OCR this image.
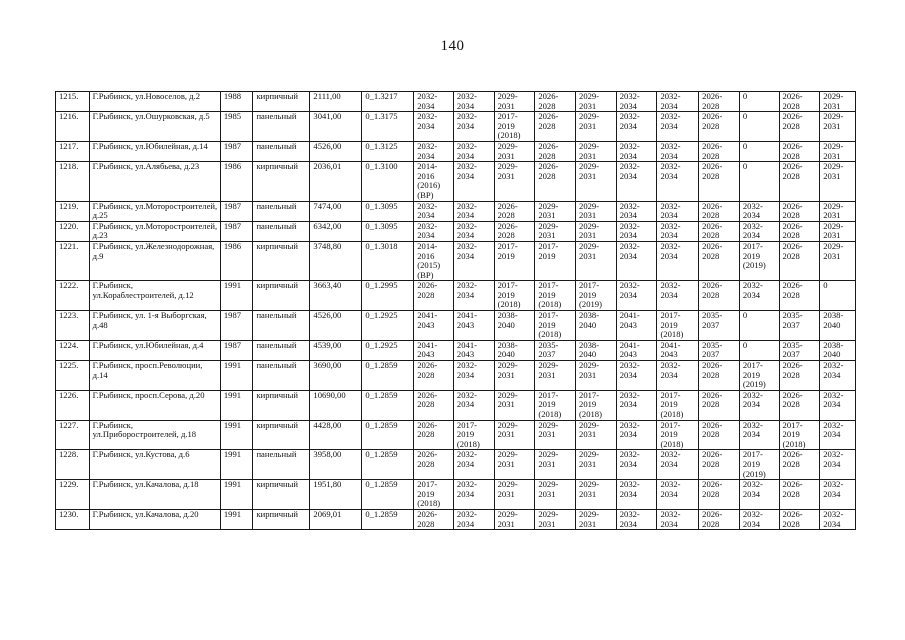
140
1215.	Г.Рыбинск, ул.Новоселов, д.2	1988	кирпичный	2111,00	0_1.3217	2032-
2034	2032-
2034	2029-
2031	2026-
2028	2029-
2031	2032-
2034	2032-
2034	2026-
2028	0	2026-
2028	2029-
2031

1216.	Г.Рыбинск, ул.Ошурковская, д.5	1985	панельный	3041,00	0_1.3175	2032-
2034	2032-
2034	2017-
2019
(2018)	2026-
2028	2029-
2031	2032-
2034	2032-
2034	2026-
2028	0	2026-
2028	2029-
2031

1217.	Г.Рыбинск, ул.Юбилейная, д.14	1987	панельный	4526,00	0_1.3125	2032-
2034	2032-
2034	2029-
2031	2026-
2028	2029-
2031	2032-
2034	2032-
2034	2026-
2028	0	2026-
2028	2029-
2031

1218.	Г.Рыбинск, ул.Алябьева, д.23	1986	кирпичный	2036,01	0_1.3100	2014-
2016
(2016)
(ВР)	2032-
2034	2029-
2031	2026-
2028	2029-
2031	2032-
2034	2032-
2034	2026-
2028	0	2026-
2028	2029-
2031

1219.	Г.Рыбинск, ул.Моторостроителей, д.25	1987	панельный	7474,00	0_1.3095	2032-
2034	2032-
2034	2026-
2028	2029-
2031	2029-
2031	2032-
2034	2032-
2034	2026-
2028	2032-
2034	2026-
2028	2029-
2031

1220.	Г.Рыбинск, ул.Моторостроителей, д.23	1987	панельный	6342,00	0_1.3095	2032-
2034	2032-
2034	2026-
2028	2029-
2031	2029-
2031	2032-
2034	2032-
2034	2026-
2028	2032-
2034	2026-
2028	2029-
2031

1221.	Г.Рыбинск, ул.Железнодорожная, д.9	1986	кирпичный	3748,80	0_1.3018	2014-
2016
(2015)
(ВР)	2032-
2034	2017-
2019	2017-
2019	2029-
2031	2032-
2034	2032-
2034	2026-
2028	2017-
2019
(2019)	2026-
2028	2029-
2031

1222.	Г.Рыбинск, ул.Кораблестроителей, д.12	1991	кирпичный	3663,40	0_1.2995	2026-
2028	2032-
2034	2017-
2019
(2018)	2017-
2019
(2018)	2017-
2019
(2019)	2032-
2034	2032-
2034	2026-
2028	2032-
2034	2026-
2028	0

1223.	Г.Рыбинск, ул. 1-я Выборгская, д.48	1987	панельный	4526,00	0_1.2925	2041-
2043	2041-
2043	2038-
2040	2017-
2019
(2018)	2038-
2040	2041-
2043	2017-
2019
(2018)	2035-
2037	0	2035-
2037	2038-
2040

1224.	Г.Рыбинск, ул.Юбилейная, д.4	1987	панельный	4539,00	0_1.2925	2041-
2043	2041-
2043	2038-
2040	2035-
2037	2038-
2040	2041-
2043	2041-
2043	2035-
2037	0	2035-
2037	2038-
2040

1225.	Г.Рыбинск, просп.Революции, д.14	1991	панельный	3690,00	0_1.2859	2026-
2028	2032-
2034	2029-
2031	2029-
2031	2029-
2031	2032-
2034	2032-
2034	2026-
2028	2017-
2019
(2019)	2026-
2028	2032-
2034

1226.	Г.Рыбинск, просп.Серова, д.20	1991	кирпичный	10690,00	0_1.2859	2026-
2028	2032-
2034	2029-
2031	2017-
2019
(2018)	2017-
2019
(2018)	2032-
2034	2017-
2019
(2018)	2026-
2028	2032-
2034	2026-
2028	2032-
2034

1227.	Г.Рыбинск, ул.Приборостроителей, д.18	1991	кирпичный	4428,00	0_1.2859	2026-
2028	2017-
2019
(2018)	2029-
2031	2029-
2031	2029-
2031	2032-
2034	2017-
2019
(2018)	2026-
2028	2032-
2034	2017-
2019
(2018)	2032-
2034

1228.	Г.Рыбинск, ул.Кустова, д.6	1991	панельный	3958,00	0_1.2859	2026-
2028	2032-
2034	2029-
2031	2029-
2031	2029-
2031	2032-
2034	2032-
2034	2026-
2028	2017-
2019
(2019)	2026-
2028	2032-
2034

1229.	Г.Рыбинск, ул.Качалова, д.18	1991	кирпичный	1951,80	0_1.2859	2017-
2019
(2018)	2032-
2034	2029-
2031	2029-
2031	2029-
2031	2032-
2034	2032-
2034	2026-
2028	2032-
2034	2026-
2028	2032-
2034

1230.	Г.Рыбинск, ул.Качалова, д.20	1991	кирпичный	2069,01	0_1.2859	2026-
2028	2032-
2034	2029-
2031	2029-
2031	2029-
2031	2032-
2034	2032-
2034	2026-
2028	2032-
2034	2026-
2028	2032-
2034
